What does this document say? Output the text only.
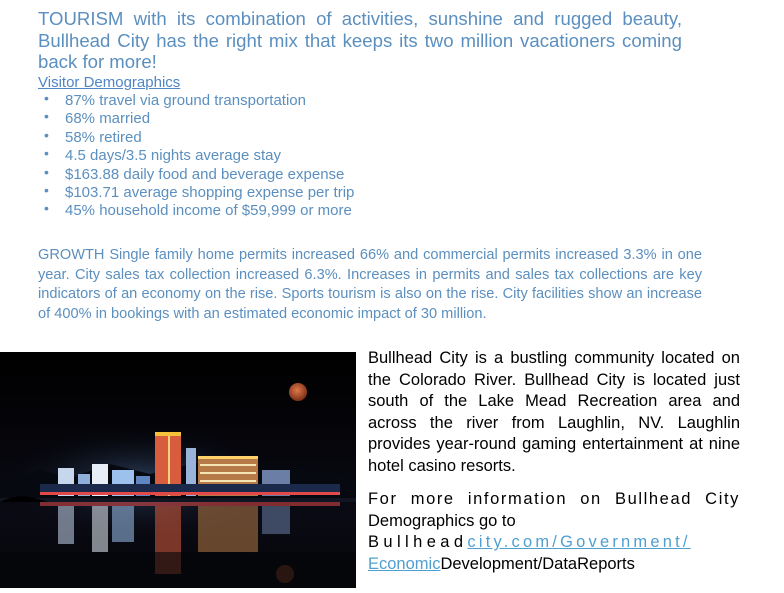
TOURISM with its combination of activities, sunshine and rugged beauty, Bullhead City has the right mix that keeps its two million vacationers coming back for more!

Visitor Demographics

• 87% travel via ground transportation
• 68% married
• 58% retired
• 4.5 days/3.5 nights average stay
• $163.88 daily food and beverage expense
• $103.71 average shopping expense per trip
• 45% household income of $59,999 or more

GROWTH Single family home permits increased 66% and commercial permits increased 3.3% in one year. City sales tax collection increased 6.3%. Increases in permits and sales tax collections are key indicators of an economy on the rise. Sports tourism is also on the rise. City facilities show an increase of 400% in bookings with an estimated economic impact of 30 million.

Bullhead City is a bustling community located on the Colorado River. Bullhead City is located just south of the Lake Mead Recreation area and across the river from Laughlin, NV. Laughlin provides year-round gaming entertainment at nine hotel casino resorts.

For more information on Bullhead City
Demographics go to
Bullheadcity.com/Government/
EconomicDevelopment/DataReports
